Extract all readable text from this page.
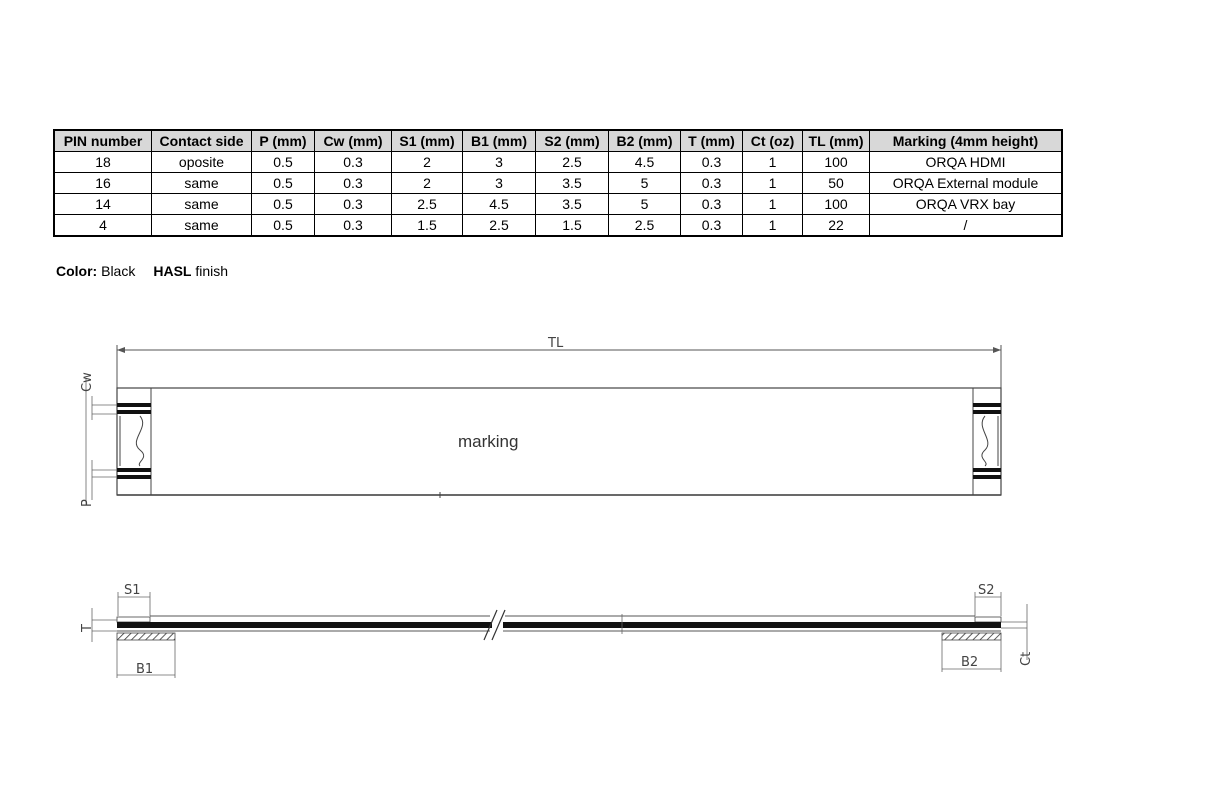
PIN number	Contact side	P (mm)	Cw (mm)	S1 (mm)	B1 (mm)	S2 (mm)	B2 (mm)	T (mm)	Ct (oz)	TL (mm)	Marking (4mm height)
18	oposite	0.5	0.3	2	3	2.5	4.5	0.3	1	100	ORQA HDMI
16	same	0.5	0.3	2	3	3.5	5	0.3	1	50	ORQA External module
14	same	0.5	0.3	2.5	4.5	3.5	5	0.3	1	100	ORQA VRX bay
4	same	0.5	0.3	1.5	2.5	1.5	2.5	0.3	1	22	/
Color: Black HASL finish
TL
marking
Cw
P
S1	S2
B1	B2
T
Ct
